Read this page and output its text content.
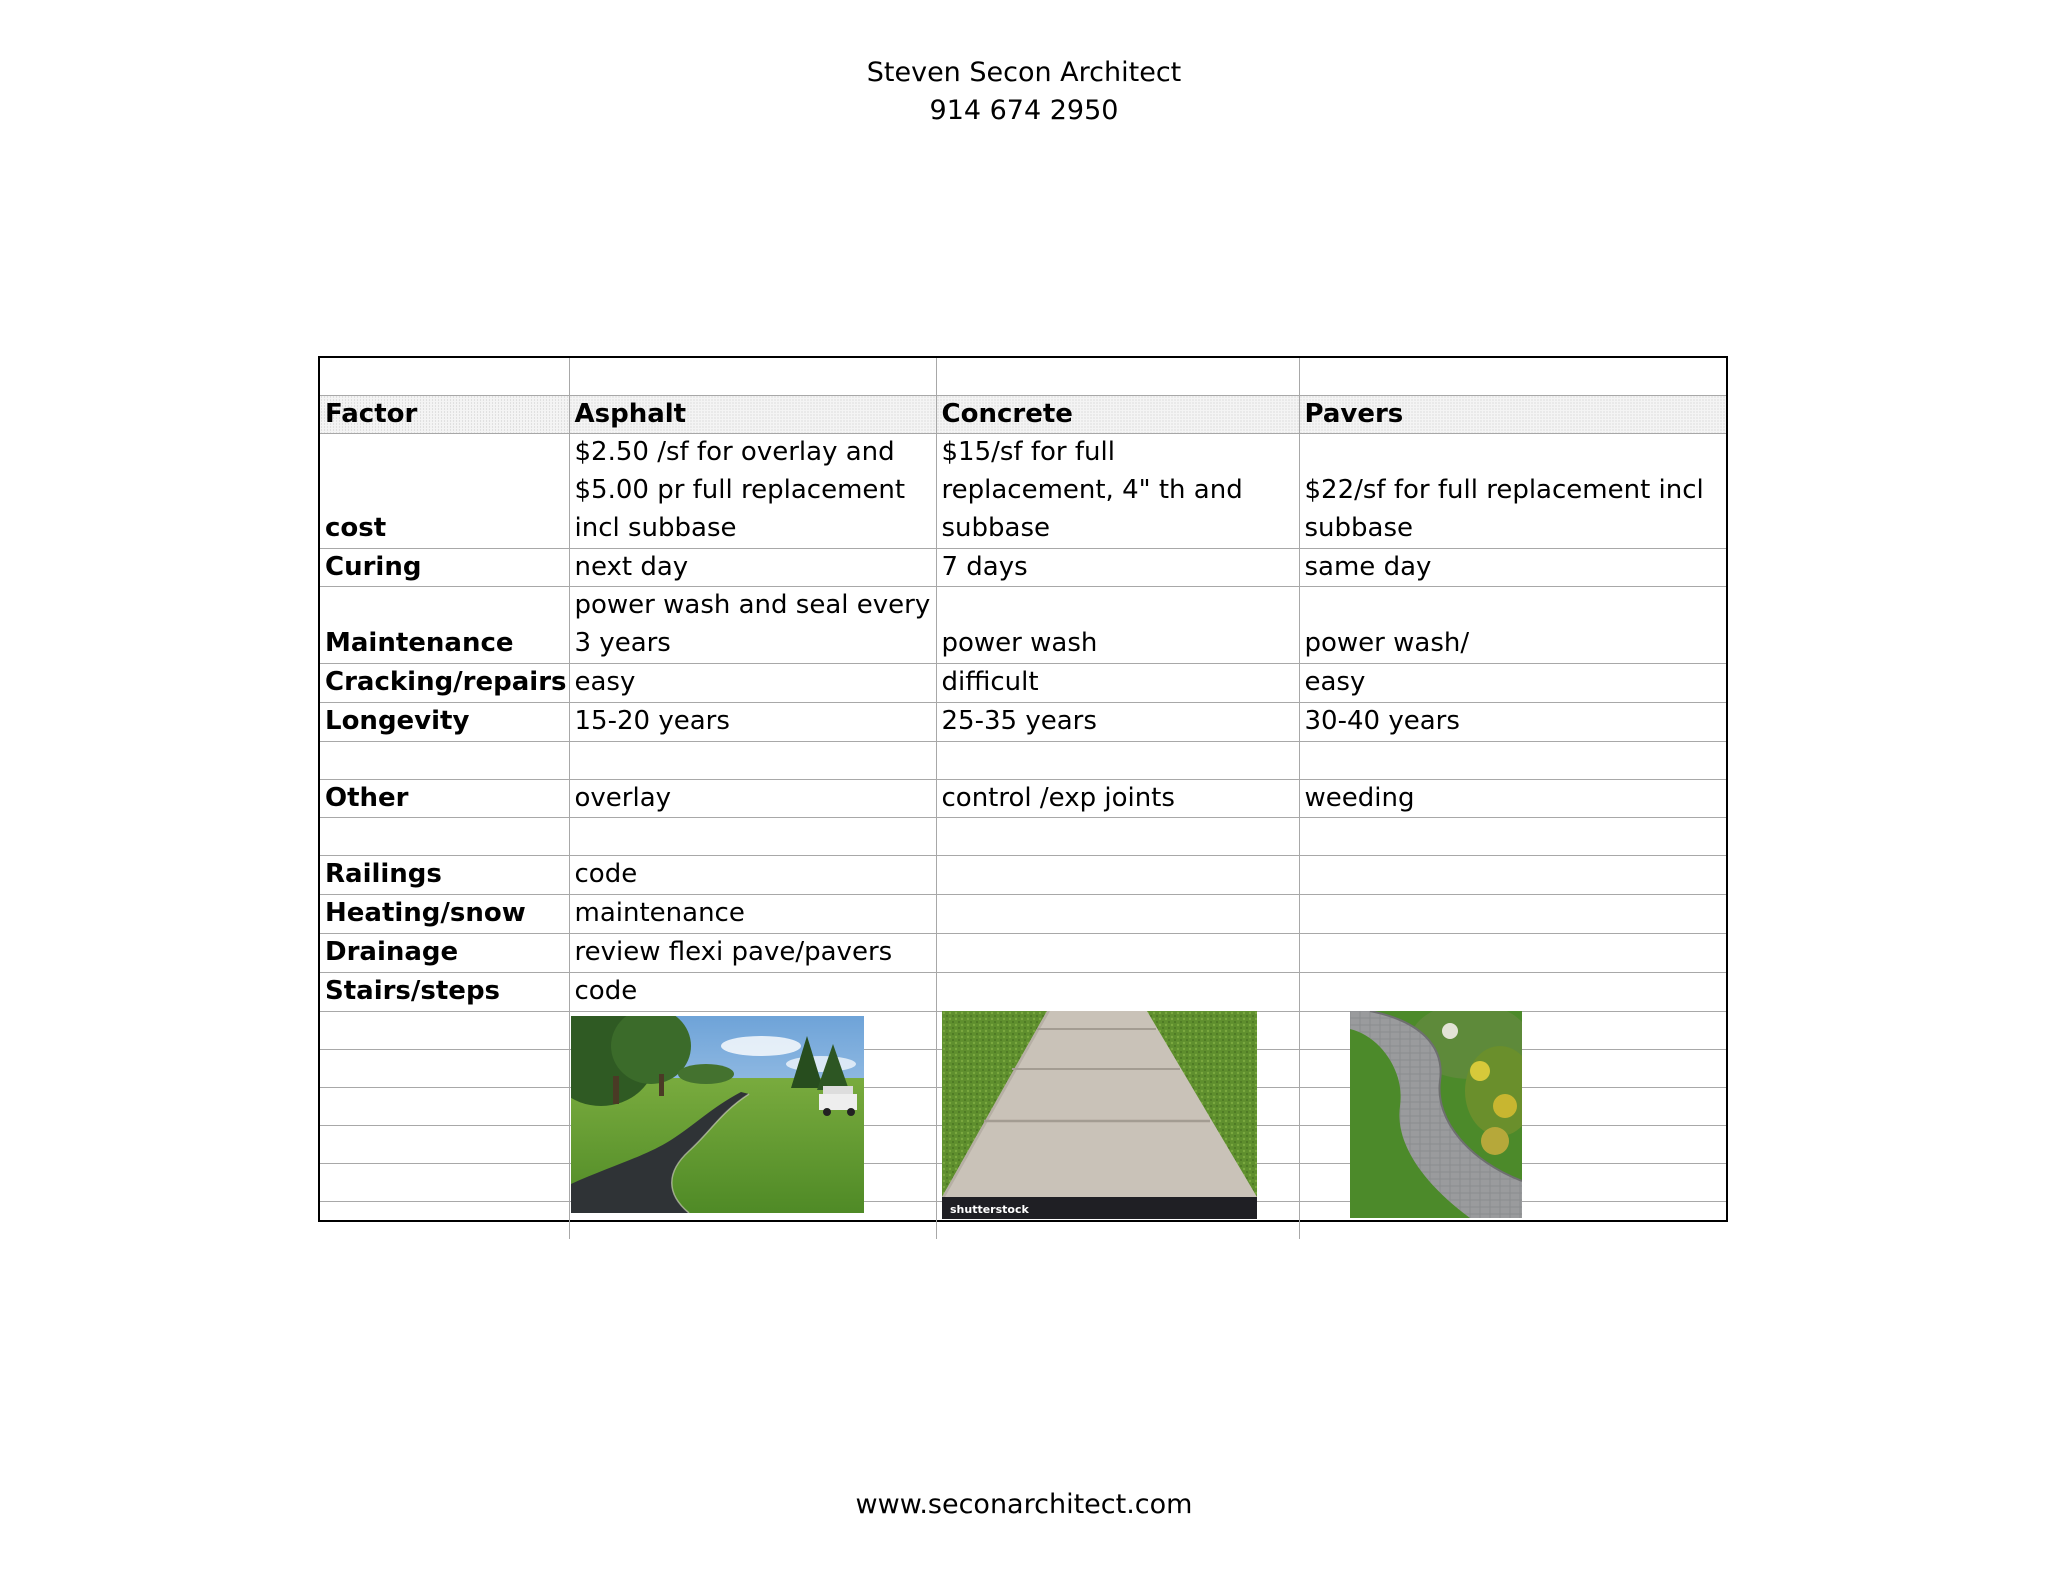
Steven Secon Architect
914 674 2950

Factor	Asphalt	Concrete	Pavers
cost	$2.50 /sf for overlay and $5.00 pr full replacement incl subbase	$15/sf for full replacement, 4" th and subbase	$22/sf for full replacement incl subbase
Curing	next day	7 days	same day
Maintenance	power wash and seal every 3 years	power wash	power wash/
Cracking/repairs	easy	difficult	easy
Longevity	15-20 years	25-35 years	30-40 years

Other	overlay	control /exp joints	weeding

Railings	code		
Heating/snow	maintenance		
Drainage	review flexi pave/pavers		
Stairs/steps	code		

shutterstock
www.seconarchitect.com
